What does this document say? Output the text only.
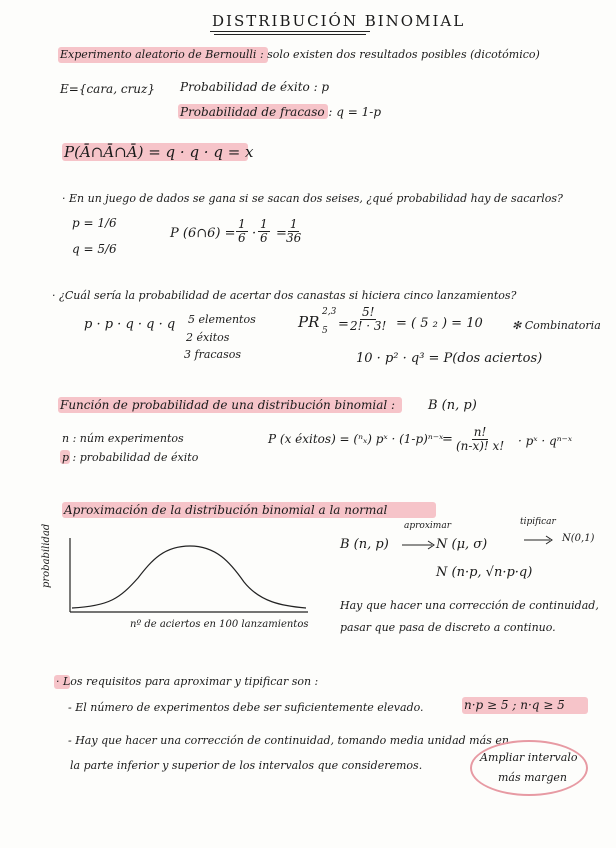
DISTRIBUCIÓN BINOMIAL
Experimento aleatorio de Bernoulli : solo existen dos resultados posibles (dicotómico)
E={cara, cruz} Probabilidad de éxito : p
Probabilidad de fracaso : q = 1-p
P(Ā∩Ā∩Ā) = q · q · q = x
· En un juego de dados se gana si se sacan dos seises, ¿qué probabilidad hay de sacarlos?
p = 1/6
q = 5/6
P (6∩6) = $\frac{1}{6} \cdot \frac{1}{6} = \frac{1}{36}$
· ¿Cuál sería la probabilidad de acertar dos canastas si hiciera cinco lanzamientos?
p · p · q · q · q 5 elementos
2 éxitos
3 fracasos
PR
2,3
$5 = \frac{5!}{2! \cdot 3!}$ = ( 5 ₂ ) = 10	✻ Combinatoria
10 · p² · q³ = P(dos aciertos)
Función de probabilidad de una distribución binomial :	B (n, p)
n : núm experimentos
p : probabilidad de éxito
P (x éxitos) = (ⁿₓ) pˣ · (1-p)ⁿ⁻ˣ
= $\frac{n!}{(n-x)! x!}$ · pˣ · qⁿ⁻ˣ
Aproximación de la distribución binomial a la normal
probabilidad
nº de aciertos en 100 lanzamientos
B (n, p)
aproximar
N (μ, σ)
tipificar
N(0,1)
N (n·p, √n·p·q)
Hay que hacer una corrección de continuidad,
pasar que pasa de discreto a continuo.
· Los requisitos para aproximar y tipificar son :
- El número de experimentos debe ser suficientemente elevado.	n·p ≥ 5 ; n·q ≥ 5
- Hay que hacer una corrección de continuidad, tomando media unidad más en
la parte inferior y superior de los intervalos que consideremos.
Ampliar intervalo
más margen
